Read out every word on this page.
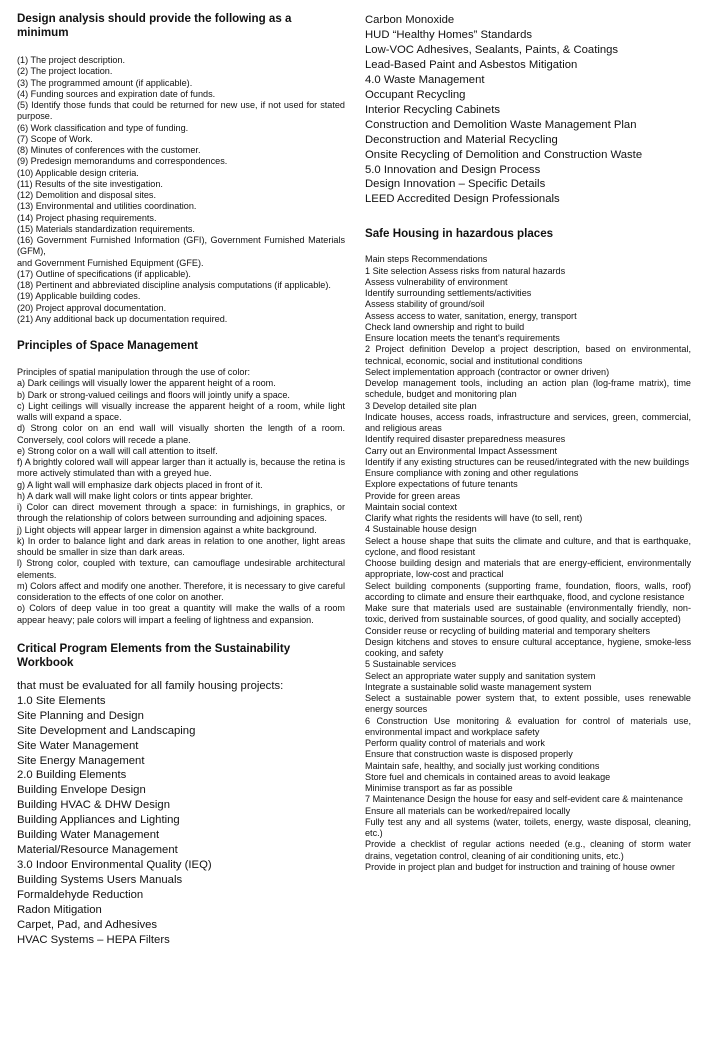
Design analysis should provide the following as a minimum

(1) The project description.

(2) The project location.

(3) The programmed amount (if applicable).

(4) Funding sources and expiration date of funds.

(5) Identify those funds that could be returned for new use, if not used for stated purpose.

(6) Work classification and type of funding.

(7) Scope of Work.

(8) Minutes of conferences with the customer.

(9) Predesign memorandums and correspondences.

(10) Applicable design criteria.

(11) Results of the site investigation.

(12) Demolition and disposal sites.

(13) Environmental and utilities coordination.

(14) Project phasing requirements.

(15) Materials standardization requirements.

(16) Government Furnished Information (GFI), Government Furnished Materials (GFM),

and Government Furnished Equipment (GFE).

(17) Outline of specifications (if applicable).

(18) Pertinent and abbreviated discipline analysis computations (if applicable).

(19) Applicable building codes.

(20) Project approval documentation.

(21) Any additional back up documentation required.

Principles of Space Management

Principles of spatial manipulation through the use of color:

a) Dark ceilings will visually lower the apparent height of a room.

b) Dark or strong-valued ceilings and floors will jointly unify a space.

c) Light ceilings will visually increase the apparent height of a room, while light walls will expand a space.

d) Strong color on an end wall will visually shorten the length of a room. Conversely, cool colors will recede a plane.

e) Strong color on a wall will call attention to itself.

f) A brightly colored wall will appear larger than it actually is, because the retina is more actively stimulated than with a greyed hue.

g) A light wall will emphasize dark objects placed in front of it.

h) A dark wall will make light colors or tints appear brighter.

i) Color can direct movement through a space: in furnishings, in graphics, or through the relationship of colors between surrounding and adjoining spaces.

j) Light objects will appear larger in dimension against a white background.

k) In order to balance light and dark areas in relation to one another, light areas should be smaller in size than dark areas.

l) Strong color, coupled with texture, can camouflage undesirable architectural elements.

m) Colors affect and modify one another. Therefore, it is necessary to give careful consideration to the effects of one color on another.

o) Colors of deep value in too great a quantity will make the walls of a room appear heavy; pale colors will impart a feeling of lightness and expansion.

Critical Program Elements from the Sustainability Workbook

that must be evaluated for all family housing projects:

1.0 Site Elements

Site Planning and Design

Site Development and Landscaping

Site Water Management

Site Energy Management

2.0 Building Elements

Building Envelope Design

Building HVAC & DHW Design

Building Appliances and Lighting

Building Water Management

Material/Resource Management

3.0 Indoor Environmental Quality (IEQ)

Building Systems Users Manuals

Formaldehyde Reduction

Radon Mitigation

Carpet, Pad, and Adhesives

HVAC Systems – HEPA Filters

Carbon Monoxide

HUD “Healthy Homes” Standards

Low-VOC Adhesives, Sealants, Paints, & Coatings

Lead-Based Paint and Asbestos Mitigation

4.0 Waste Management

Occupant Recycling

Interior Recycling Cabinets

Construction and Demolition Waste Management Plan

Deconstruction and Material Recycling

Onsite Recycling of Demolition and Construction Waste

5.0 Innovation and Design Process

Design Innovation – Specific Details

LEED Accredited Design Professionals

Safe Housing in hazardous places

Main steps Recommendations

1 Site selection Assess risks from natural hazards

Assess vulnerability of environment

Identify surrounding settlements/activities

Assess stability of ground/soil

Assess access to water, sanitation, energy, transport

Check land ownership and right to build

Ensure location meets the tenant's requirements

2 Project definition Develop a project description, based on environmental, technical, economic, social and institutional conditions

Select implementation approach (contractor or owner driven)

Develop management tools, including an action plan (log-frame matrix), time schedule, budget and monitoring plan

3 Develop detailed site plan

Indicate houses, access roads, infrastructure and services, green, commercial, and religious areas

Identify required disaster preparedness measures

Carry out an Environmental Impact Assessment

Identify if any existing structures can be reused/integrated with the new buildings

Ensure compliance with zoning and other regulations

Explore expectations of future tenants

Provide for green areas

Maintain social context

Clarify what rights the residents will have (to sell, rent)

4 Sustainable house design

Select a house shape that suits the climate and culture, and that is earthquake, cyclone, and flood resistant

Choose building design and materials that are energy-efficient, environmentally appropriate, low-cost and practical

Select building components (supporting frame, foundation, floors, walls, roof) according to climate and ensure their earthquake, flood, and cyclone resistance

Make sure that materials used are sustainable (environmentally friendly, non-toxic, derived from sustainable sources, of good quality, and socially accepted)

Consider reuse or recycling of building material and temporary shelters

Design kitchens and stoves to ensure cultural acceptance, hygiene, smoke-less cooking, and safety

5 Sustainable services

Select an appropriate water supply and sanitation system

Integrate a sustainable solid waste management system

Select a sustainable power system that, to extent possible, uses renewable energy sources

6 Construction Use monitoring & evaluation for control of materials use, environmental impact and workplace safety

Perform quality control of materials and work

Ensure that construction waste is disposed properly

Maintain safe, healthy, and socially just working conditions

Store fuel and chemicals in contained areas to avoid leakage

Minimise transport as far as possible

7 Maintenance Design the house for easy and self-evident care & maintenance

Ensure all materials can be worked/repaired locally

Fully test any and all systems (water, toilets, energy, waste disposal, cleaning, etc.)

Provide a checklist of regular actions needed (e.g., cleaning of storm water drains, vegetation control, cleaning of air conditioning units, etc.)

Provide in project plan and budget for instruction and training of house owner
